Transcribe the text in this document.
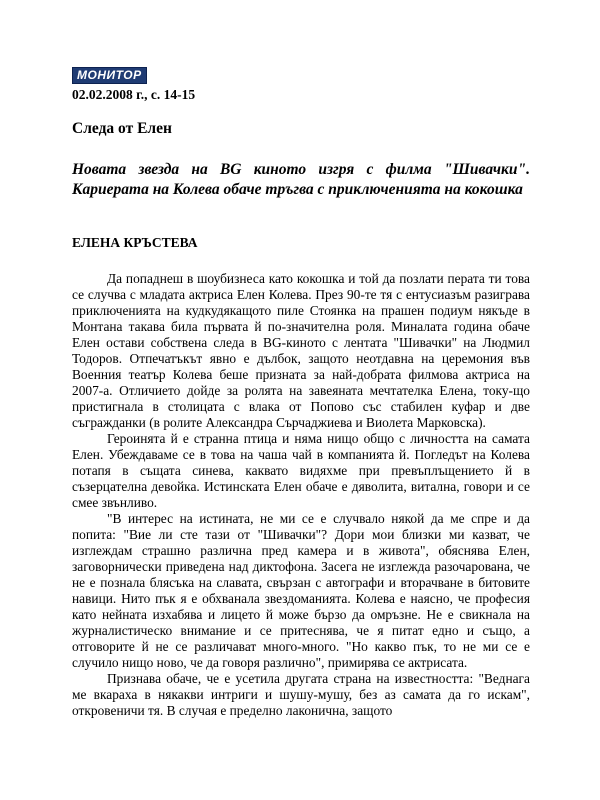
МОНИТОР
02.02.2008 г., с. 14-15
Следа от Елен
Новата звезда на BG киното изгря с филма "Шивачки". Кариерата на Колева обаче тръгва с приключенията на кокошка
ЕЛЕНА КРЪСТЕВА

Да попаднеш в шоубизнеса като кокошка и той да позлати перата ти това се случва с младата актриса Елен Колева. През 90-те тя с ентусиазъм разиграва приключенията на кудкудякащото пиле Стоянка на прашен подиум някъде в Монтана такава била първата й по-значителна роля. Миналата година обаче Елен остави собствена следа в BG-киното с лентата "Шивачки" на Людмил Тодоров. Отпечатъкът явно е дълбок, защото неотдавна на церемония във Военния театър Колева беше призната за най-добрата филмова актриса на 2007-а. Отличието дойде за ролята на завеяната мечтателка Елена, току-що пристигнала в столицата с влака от Попово със стабилен куфар и две съгражданки (в ролите Александра Сърчаджиева и Виолета Марковска).

Героинята й е странна птица и няма нищо общо с личността на самата Елен. Убеждаваме се в това на чаша чай в компанията й. Погледът на Колева потапя в същата синева, каквато видяхме при превъплъщението й в съзерцателна девойка. Истинската Елен обаче е дяволита, витална, говори и се смее звънливо.

"В интерес на истината, не ми се е случвало някой да ме спре и да попита: "Вие ли сте тази от "Шивачки"? Дори мои близки ми казват, че изглеждам страшно различна пред камера и в живота", обяснява Елен, заговорнически приведена над диктофона. Засега не изглежда разочарована, че не е познала блясъка на славата, свързан с автографи и вторачване в битовите навици. Нито пък я е обхванала звездоманията. Колева е наясно, че професия като нейната изхабява и лицето й може бързо да омръзне. Не е свикнала на журналистическо внимание и се притеснява, че я питат едно и също, а отговорите й не се различават много-много. "Но какво пък, то не ми се е случило нищо ново, че да говоря различно", примирява се актрисата.

Признава обаче, че е усетила другата страна на известността: "Веднага ме вкараха в някакви интриги и шушу-мушу, без аз самата да го искам", откровеничи тя. В случая е пределно лаконична, защото
